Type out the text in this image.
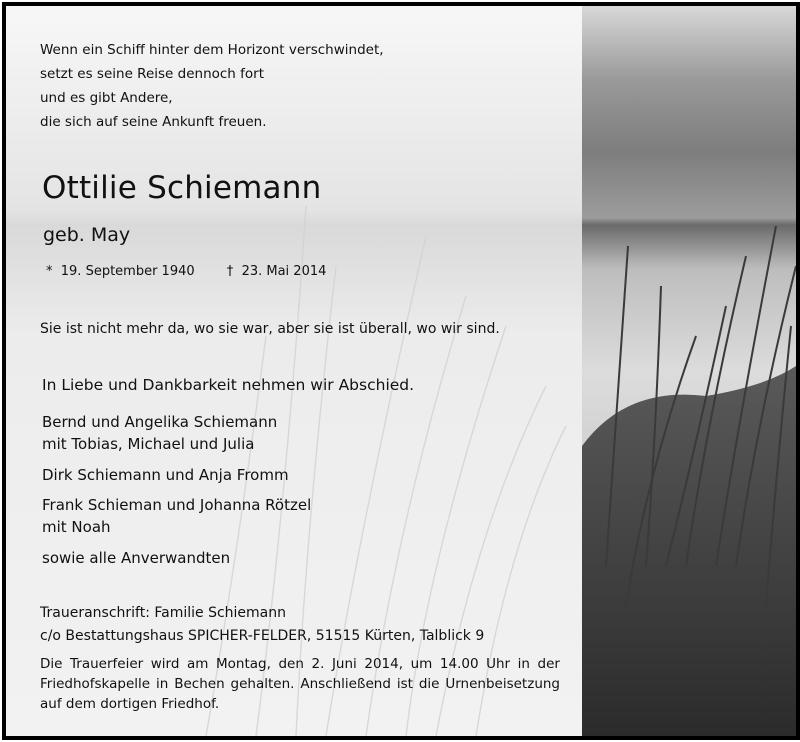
Wenn ein Schiff hinter dem Horizont verschwindet,
setzt es seine Reise dennoch fort
und es gibt Andere,
die sich auf seine Ankunft freuen.
Ottilie Schiemann
geb. May
* 19. September 1940 † 23. Mai 2014
Sie ist nicht mehr da, wo sie war, aber sie ist überall, wo wir sind.
In Liebe und Dankbarkeit nehmen wir Abschied.
Bernd und Angelika Schiemann
mit Tobias, Michael und Julia
Dirk Schiemann und Anja Fromm
Frank Schieman und Johanna Rötzel
mit Noah
sowie alle Anverwandten
Traueranschrift: Familie Schiemann
c/o Bestattungshaus SPICHER-FELDER, 51515 Kürten, Talblick 9
Die Trauerfeier wird am Montag, den 2. Juni 2014, um 14.00 Uhr in der Friedhofskapelle in Bechen gehalten. Anschließend ist die Urnenbeisetzung auf dem dortigen Friedhof.
